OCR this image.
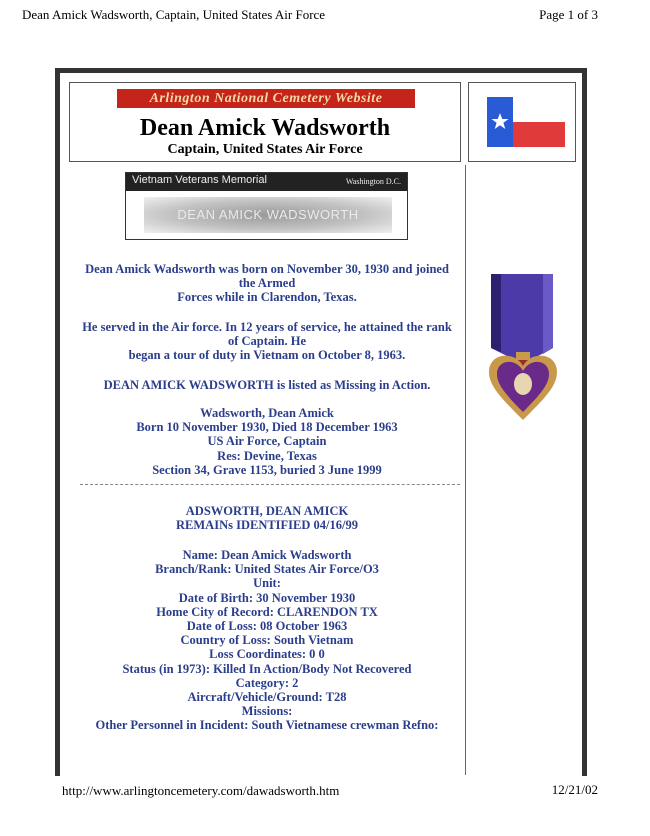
Dean Amick Wadsworth, Captain, United States Air Force	Page 1 of 3
Arlington National Cemetery Website
Dean Amick Wadsworth
Captain, United States Air Force
Vietnam Veterans Memorial	Washington D.C.
DEAN AMICK WADSWORTH

Dean Amick Wadsworth was born on November 30, 1930 and joined

the Armed

Forces while in Clarendon, Texas.

He served in the Air force. In 12 years of service, he attained the rank

of Captain. He

began a tour of duty in Vietnam on October 8, 1963.

DEAN AMICK WADSWORTH is listed as Missing in Action.

Wadsworth, Dean Amick

Born 10 November 1930, Died 18 December 1963

US Air Force, Captain

Res: Devine, Texas

Section 34, Grave 1153, buried 3 June 1999

ADSWORTH, DEAN AMICK

REMAINs IDENTIFIED 04/16/99

Name: Dean Amick Wadsworth

Branch/Rank: United States Air Force/O3

Unit:

Date of Birth: 30 November 1930

Home City of Record: CLARENDON TX

Date of Loss: 08 October 1963

Country of Loss: South Vietnam

Loss Coordinates: 0 0

Status (in 1973): Killed In Action/Body Not Recovered

Category: 2

Aircraft/Vehicle/Ground: T28

Missions:

Other Personnel in Incident: South Vietnamese crewman Refno:

http://www.arlingtoncemetery.com/dawadsworth.htm	12/21/02
